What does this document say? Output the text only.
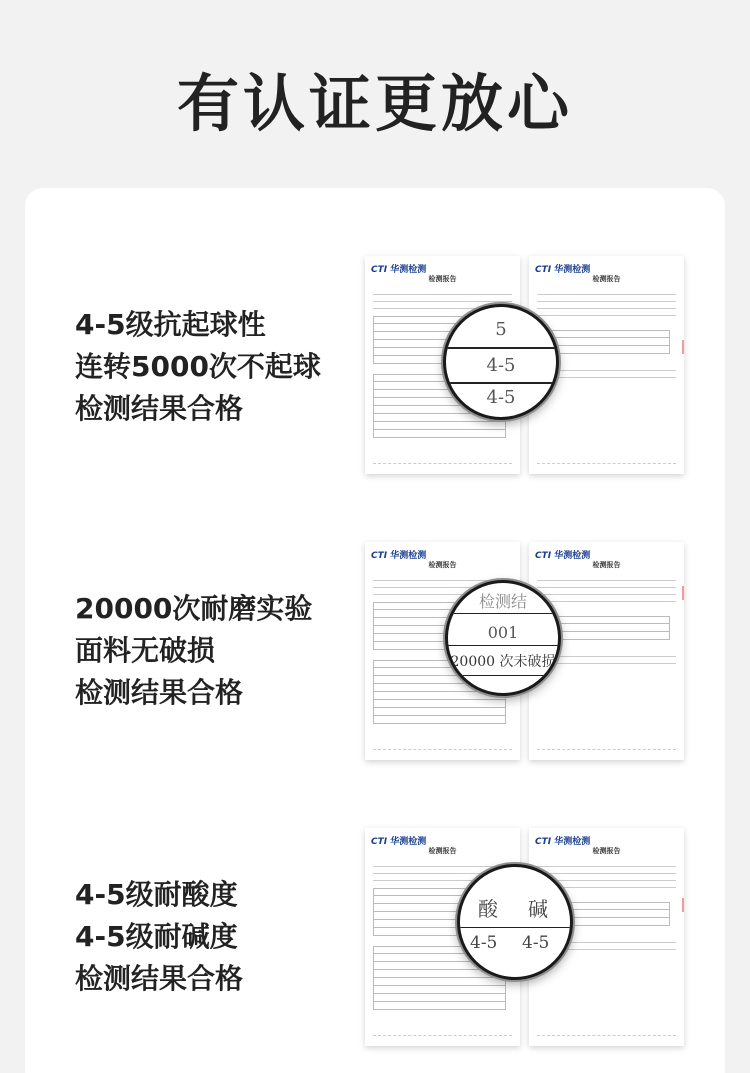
有认证更放心
4-5级抗起球性
连转5000次不起球
检测结果合格
CTI 华测检测
检测报告
CTI 华测检测
检测报告
5
4-5
4-5
20000次耐磨实验
面料无破损
检测结果合格
CTI 华测检测
检测报告
CTI 华测检测
检测报告
检测结
001
20000 次未破损
4-5级耐酸度
4-5级耐碱度
检测结果合格
CTI 华测检测
检测报告
CTI 华测检测
检测报告
酸 碱
4-5 4-5
